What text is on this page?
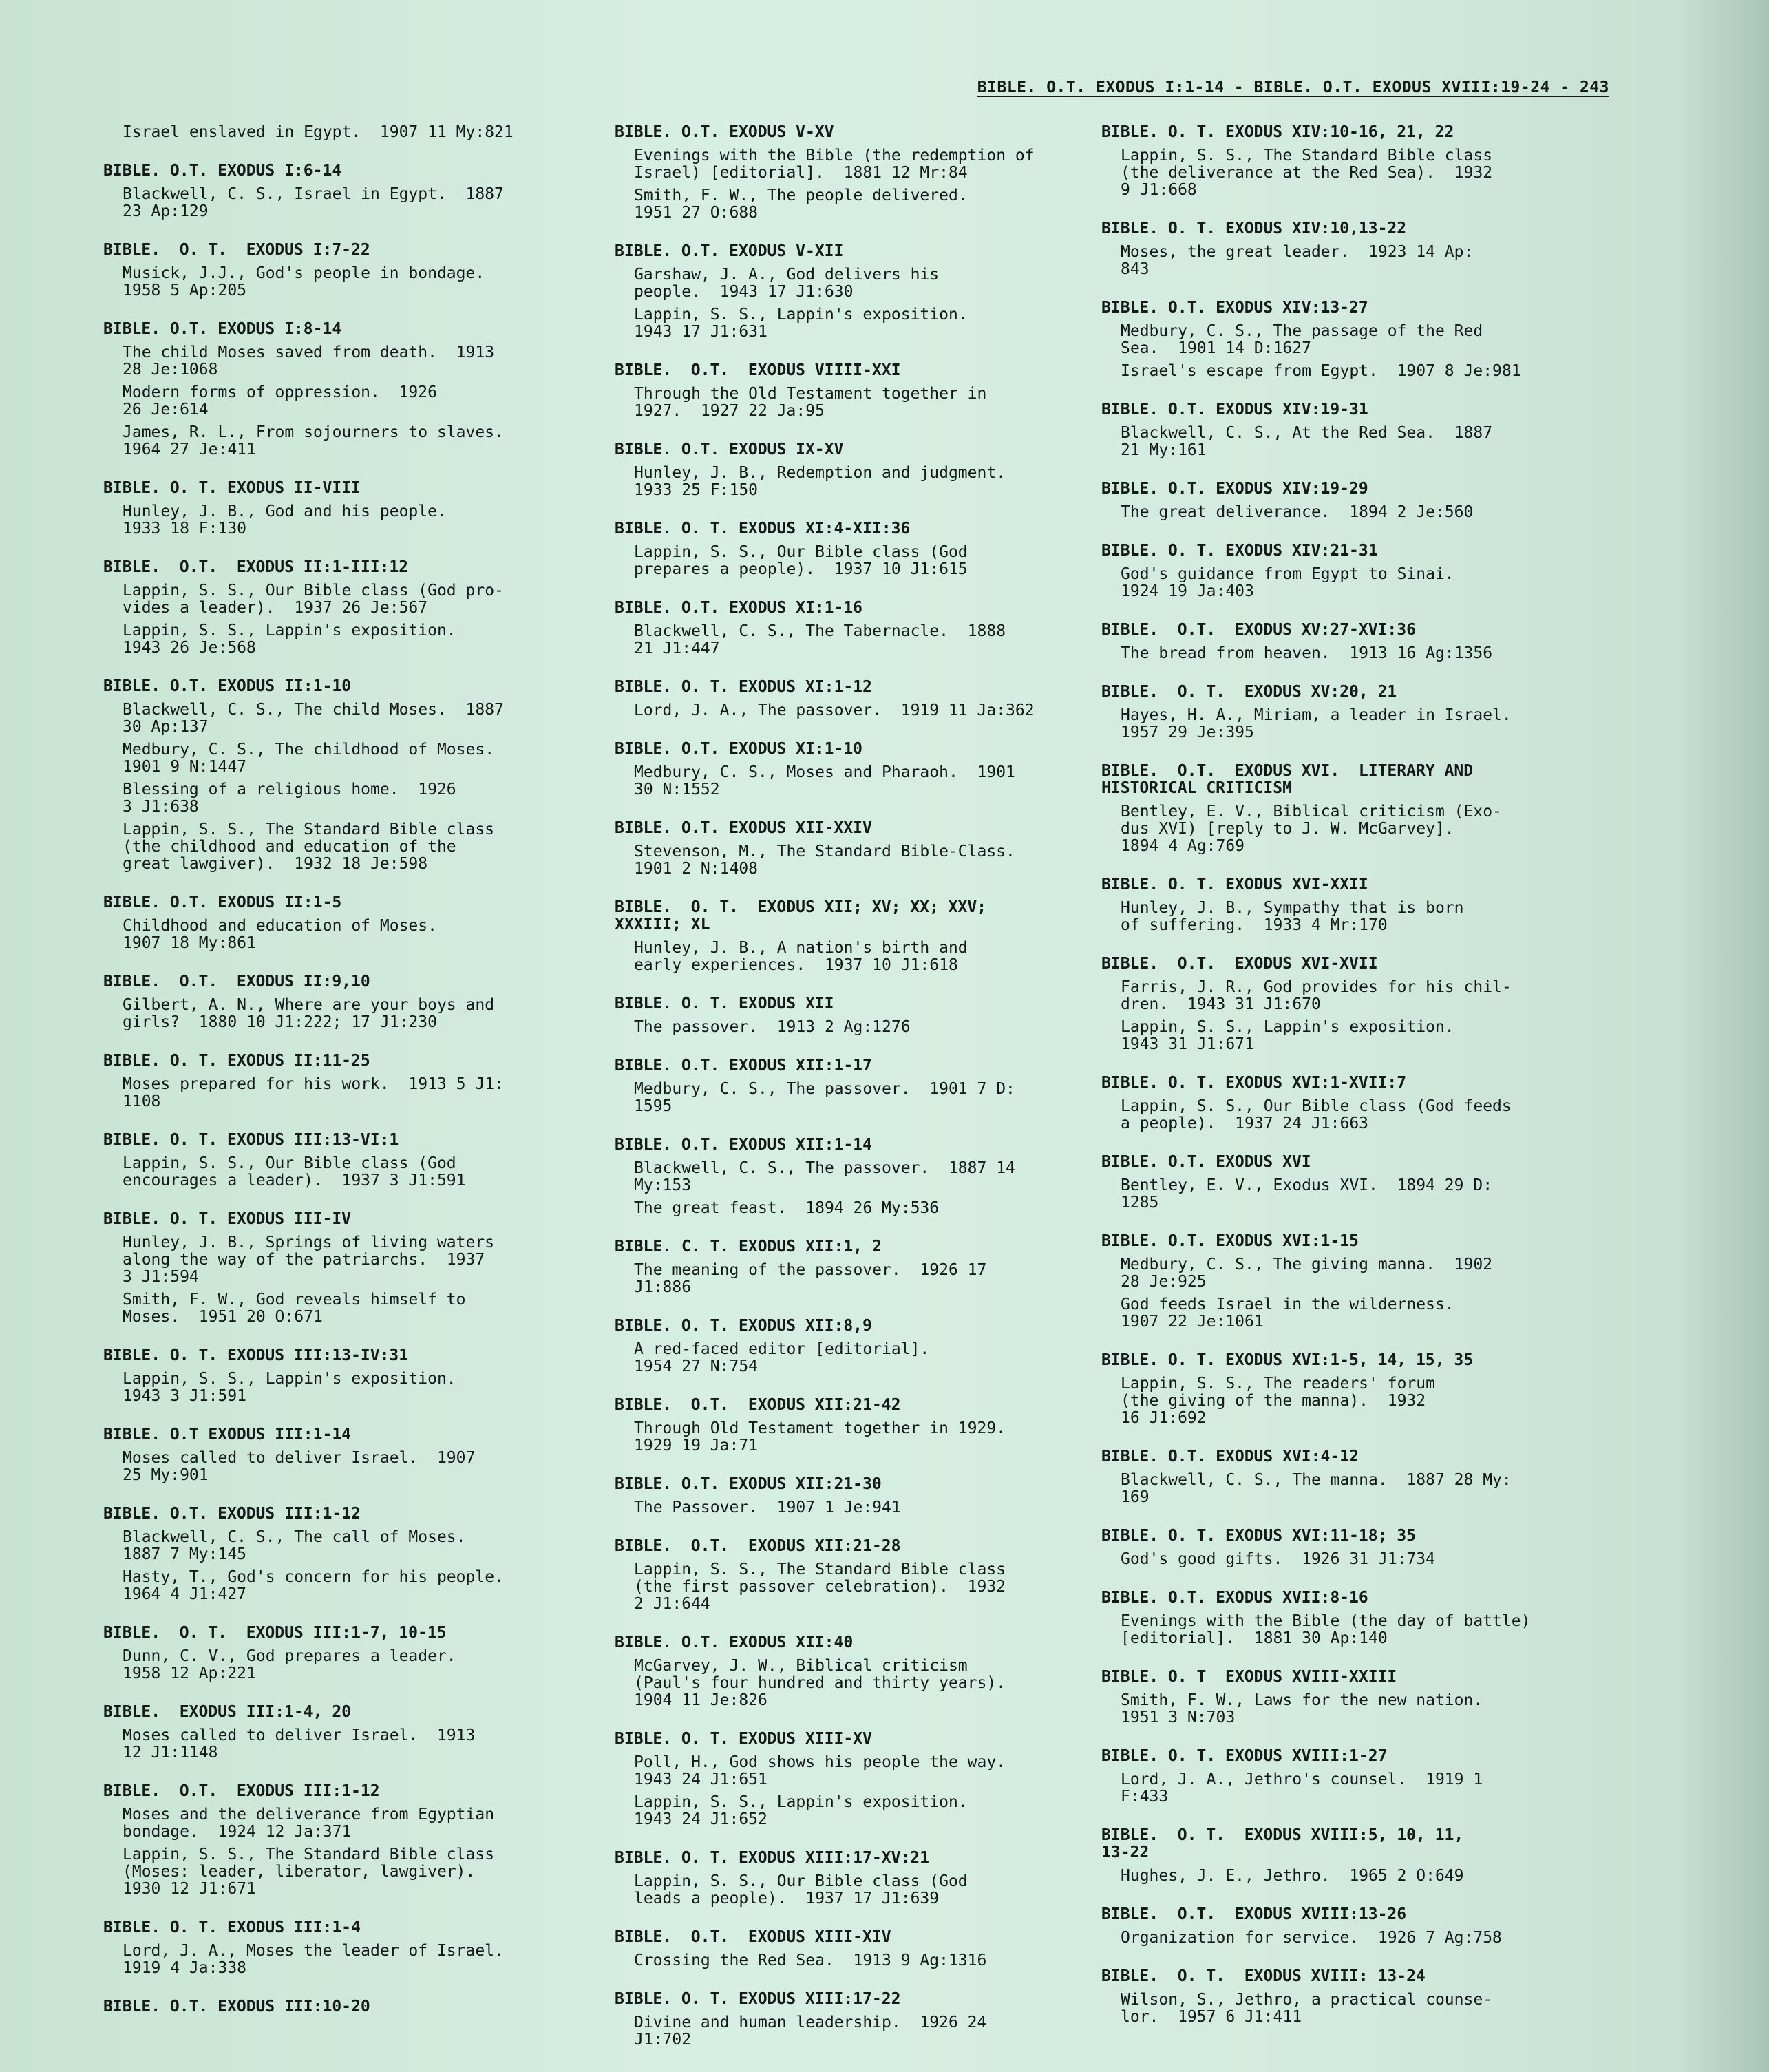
BIBLE. O.T. EXODUS I:1-14 - BIBLE. O.T. EXODUS XVIII:19-24 - 243
Israel enslaved in Egypt.  1907 11 My:821
BIBLE. O.T. EXODUS I:6-14
Blackwell, C. S., Israel in Egypt.  1887
23 Ap:129
BIBLE.  O. T.  EXODUS I:7-22
Musick, J.J., God's people in bondage.
1958 5 Ap:205
BIBLE. O.T. EXODUS I:8-14
The child Moses saved from death.  1913
28 Je:1068
Modern forms of oppression.  1926
26 Je:614
James, R. L., From sojourners to slaves.
1964 27 Je:411
BIBLE. O. T. EXODUS II-VIII
Hunley, J. B., God and his people.
1933 18 F:130
BIBLE.  O.T.  EXODUS II:1-III:12
Lappin, S. S., Our Bible class (God pro-
vides a leader).  1937 26 Je:567
Lappin, S. S., Lappin's exposition.
1943 26 Je:568
BIBLE. O.T. EXODUS II:1-10
Blackwell, C. S., The child Moses.  1887
30 Ap:137
Medbury, C. S., The childhood of Moses.
1901 9 N:1447
Blessing of a religious home.  1926
3 J1:638
Lappin, S. S., The Standard Bible class
(the childhood and education of the
great lawgiver).  1932 18 Je:598
BIBLE. O.T. EXODUS II:1-5
Childhood and education of Moses.
1907 18 My:861
BIBLE.  O.T.  EXODUS II:9,10
Gilbert, A. N., Where are your boys and
girls?  1880 10 J1:222; 17 J1:230
BIBLE. O. T. EXODUS II:11-25
Moses prepared for his work.  1913 5 J1:
1108
BIBLE. O. T. EXODUS III:13-VI:1
Lappin, S. S., Our Bible class (God
encourages a leader).  1937 3 J1:591
BIBLE. O. T. EXODUS III-IV
Hunley, J. B., Springs of living waters
along the way of the patriarchs.  1937
3 J1:594
Smith, F. W., God reveals himself to
Moses.  1951 20 O:671
BIBLE. O. T. EXODUS III:13-IV:31
Lappin, S. S., Lappin's exposition.
1943 3 J1:591
BIBLE. O.T EXODUS III:1-14
Moses called to deliver Israel.  1907
25 My:901
BIBLE. O.T. EXODUS III:1-12
Blackwell, C. S., The call of Moses.
1887 7 My:145
Hasty, T., God's concern for his people.
1964 4 J1:427
BIBLE.  O. T.  EXODUS III:1-7, 10-15
Dunn, C. V., God prepares a leader.
1958 12 Ap:221
BIBLE.  EXODUS III:1-4, 20
Moses called to deliver Israel.  1913
12 J1:1148
BIBLE.  O.T.  EXODUS III:1-12
Moses and the deliverance from Egyptian
bondage.  1924 12 Ja:371
Lappin, S. S., The Standard Bible class
(Moses: leader, liberator, lawgiver).
1930 12 J1:671
BIBLE. O. T. EXODUS III:1-4
Lord, J. A., Moses the leader of Israel.
1919 4 Ja:338
BIBLE. O.T. EXODUS III:10-20
BIBLE. O.T. EXODUS V-XV
Evenings with the Bible (the redemption of
Israel) [editorial].  1881 12 Mr:84
Smith, F. W., The people delivered.
1951 27 O:688
BIBLE. O.T. EXODUS V-XII
Garshaw, J. A., God delivers his
people.  1943 17 J1:630
Lappin, S. S., Lappin's exposition.
1943 17 J1:631
BIBLE.  O.T.  EXODUS VIIII-XXI
Through the Old Testament together in
1927.  1927 22 Ja:95
BIBLE. O.T. EXODUS IX-XV
Hunley, J. B., Redemption and judgment.
1933 25 F:150
BIBLE. O. T. EXODUS XI:4-XII:36
Lappin, S. S., Our Bible class (God
prepares a people).  1937 10 J1:615
BIBLE. O.T. EXODUS XI:1-16
Blackwell, C. S., The Tabernacle.  1888
21 J1:447
BIBLE. O. T. EXODUS XI:1-12
Lord, J. A., The passover.  1919 11 Ja:362
BIBLE. O.T. EXODUS XI:1-10
Medbury, C. S., Moses and Pharaoh.  1901
30 N:1552
BIBLE. O.T. EXODUS XII-XXIV
Stevenson, M., The Standard Bible-Class.
1901 2 N:1408
BIBLE.  O. T.  EXODUS XII; XV; XX; XXV;
XXXIII; XL
Hunley, J. B., A nation's birth and
early experiences.  1937 10 J1:618
BIBLE. O. T. EXODUS XII
The passover.  1913 2 Ag:1276
BIBLE. O.T. EXODUS XII:1-17
Medbury, C. S., The passover.  1901 7 D:
1595
BIBLE. O.T. EXODUS XII:1-14
Blackwell, C. S., The passover.  1887 14
My:153
The great feast.  1894 26 My:536
BIBLE. C. T. EXODUS XII:1, 2
The meaning of the passover.  1926 17
J1:886
BIBLE. O. T. EXODUS XII:8,9
A red-faced editor [editorial].
1954 27 N:754
BIBLE.  O.T.  EXODUS XII:21-42
Through Old Testament together in 1929.
1929 19 Ja:71
BIBLE. O.T. EXODUS XII:21-30
The Passover.  1907 1 Je:941
BIBLE.  O.T.  EXODUS XII:21-28
Lappin, S. S., The Standard Bible class
(the first passover celebration).  1932
2 J1:644
BIBLE. O.T. EXODUS XII:40
McGarvey, J. W., Biblical criticism
(Paul's four hundred and thirty years).
1904 11 Je:826
BIBLE. O. T. EXODUS XIII-XV
Poll, H., God shows his people the way.
1943 24 J1:651
Lappin, S. S., Lappin's exposition.
1943 24 J1:652
BIBLE. O. T. EXODUS XIII:17-XV:21
Lappin, S. S., Our Bible class (God
leads a people).  1937 17 J1:639
BIBLE.  O.T.  EXODUS XIII-XIV
Crossing the Red Sea.  1913 9 Ag:1316
BIBLE. O. T. EXODUS XIII:17-22
Divine and human leadership.  1926 24
J1:702
BIBLE. O. T. EXODUS XIV:10-16, 21, 22
Lappin, S. S., The Standard Bible class
(the deliverance at the Red Sea).  1932
9 J1:668
BIBLE. O. T. EXODUS XIV:10,13-22
Moses, the great leader.  1923 14 Ap:
843
BIBLE. O.T. EXODUS XIV:13-27
Medbury, C. S., The passage of the Red
Sea.  1901 14 D:1627
Israel's escape from Egypt.  1907 8 Je:981
BIBLE. O.T. EXODUS XIV:19-31
Blackwell, C. S., At the Red Sea.  1887
21 My:161
BIBLE. O.T. EXODUS XIV:19-29
The great deliverance.  1894 2 Je:560
BIBLE. O. T. EXODUS XIV:21-31
God's guidance from Egypt to Sinai.
1924 19 Ja:403
BIBLE.  O.T.  EXODUS XV:27-XVI:36
The bread from heaven.  1913 16 Ag:1356
BIBLE.  O. T.  EXODUS XV:20, 21
Hayes, H. A., Miriam, a leader in Israel.
1957 29 Je:395
BIBLE.  O.T.  EXODUS XVI.  LITERARY AND
HISTORICAL CRITICISM
Bentley, E. V., Biblical criticism (Exo-
dus XVI) [reply to J. W. McGarvey].
1894 4 Ag:769
BIBLE. O. T. EXODUS XVI-XXII
Hunley, J. B., Sympathy that is born
of suffering.  1933 4 Mr:170
BIBLE.  O.T.  EXODUS XVI-XVII
Farris, J. R., God provides for his chil-
dren.  1943 31 J1:670
Lappin, S. S., Lappin's exposition.
1943 31 J1:671
BIBLE. O. T. EXODUS XVI:1-XVII:7
Lappin, S. S., Our Bible class (God feeds
a people).  1937 24 J1:663
BIBLE. O.T. EXODUS XVI
Bentley, E. V., Exodus XVI.  1894 29 D:
1285
BIBLE. O.T. EXODUS XVI:1-15
Medbury, C. S., The giving manna.  1902
28 Je:925
God feeds Israel in the wilderness.
1907 22 Je:1061
BIBLE. O. T. EXODUS XVI:1-5, 14, 15, 35
Lappin, S. S., The readers' forum
(the giving of the manna).  1932
16 J1:692
BIBLE. O.T. EXODUS XVI:4-12
Blackwell, C. S., The manna.  1887 28 My:
169
BIBLE. O. T. EXODUS XVI:11-18; 35
God's good gifts.  1926 31 J1:734
BIBLE. O.T. EXODUS XVII:8-16
Evenings with the Bible (the day of battle)
[editorial].  1881 30 Ap:140
BIBLE. O. T  EXODUS XVIII-XXIII
Smith, F. W., Laws for the new nation.
1951 3 N:703
BIBLE. O. T. EXODUS XVIII:1-27
Lord, J. A., Jethro's counsel.  1919 1
F:433
BIBLE.  O. T.  EXODUS XVIII:5, 10, 11,
13-22
Hughes, J. E., Jethro.  1965 2 O:649
BIBLE.  O.T.  EXODUS XVIII:13-26
Organization for service.  1926 7 Ag:758
BIBLE.  O. T.  EXODUS XVIII: 13-24
Wilson, S., Jethro, a practical counse-
lor.  1957 6 J1:411
